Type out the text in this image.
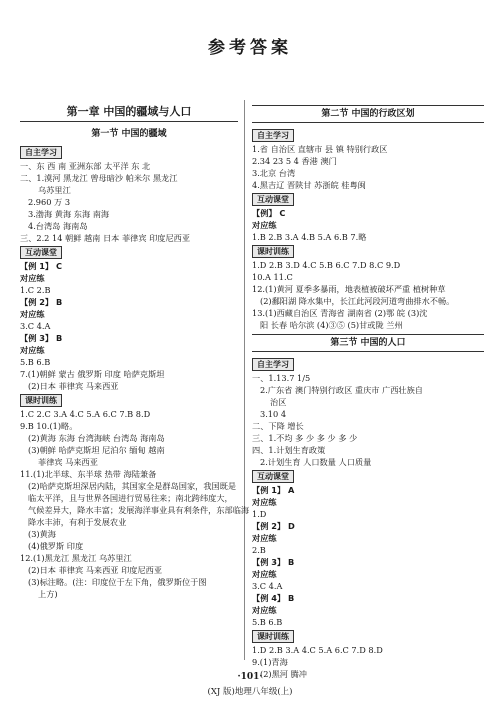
参考答案
第一章 中国的疆域与人口
第一节 中国的疆域
自主学习
一、东 西 南 亚洲东部 太平洋 东 北
二、1.漠河 黑龙江 曾母暗沙 帕米尔 黑龙江
乌苏里江
2.960 万 3
3.渤海 黄海 东海 南海
4.台湾岛 海南岛
三、2.2 14 朝鲜 越南 日本 菲律宾 印度尼西亚
互动课堂
【例 1】 C
对应练
1.C 2.B
【例 2】 B
对应练
3.C 4.A
【例 3】 B
对应练
5.B 6.B
7.(1)朝鲜 蒙古 俄罗斯 印度 哈萨克斯坦
(2)日本 菲律宾 马来西亚
课时训练
1.C 2.C 3.A 4.C 5.A 6.C 7.B 8.D
9.B 10.(1)略。
(2)黄海 东海 台湾海峡 台湾岛 海南岛
(3)朝鲜 哈萨克斯坦 尼泊尔 缅甸 越南
菲律宾 马来西亚
11.(1)北半球、东半球 热带 海陆兼备
(2)哈萨克斯坦深居内陆，其国家全是群岛国家，我国既是
临太平洋，且与世界各国进行贸易往来；南北跨纬度大，
气候差异大，降水丰富；发展海洋事业具有利条件，东部临海
降水丰沛，有利于发展农业
(3)黄海
(4)俄罗斯 印度
12.(1)黑龙江 黑龙江 乌苏里江
(2)日本 菲律宾 马来西亚 印度尼西亚
(3)标注略。(注：印度位于左下角，俄罗斯位于图
上方)
第二节 中国的行政区划
自主学习
1.省 自治区 直辖市 县 镇 特别行政区
2.34 23 5 4 香港 澳门
3.北京 台湾
4.黑吉辽 晋陕甘 苏浙皖 桂粤闽
互动课堂
【例】 C
对应练
1.B 2.B 3.A 4.B 5.A 6.B 7.略
课时训练
1.D 2.B 3.D 4.C 5.B 6.C 7.D 8.C 9.D
10.A 11.C
12.(1)黄河 夏季多暴雨，地表植被破坏严重 植树种草
(2)鄱阳湖 降水集中，长江此河段河道弯曲排水不畅。
13.(1)西藏自治区 青海省 湖南省 (2)鄂 皖 (3)沈
阳 长春 哈尔滨 (4)③⑤ (5)甘或陇 兰州
第三节 中国的人口
自主学习
一、1.13.7 1/5
2.广东省 澳门特别行政区 重庆市 广西壮族自
治区
3.10 4
二、下降 增长
三、1.不均 多 少 多 少 多 少
四、1.计划生育政策
2.计划生育 人口数量 人口质量
互动课堂
【例 1】 A
对应练
1.D
【例 2】 D
对应练
2.B
【例 3】 B
对应练
3.C 4.A
【例 4】 B
对应练
5.B 6.B
课时训练
1.D 2.B 3.A 4.C 5.A 6.C 7.D 8.D
9.(1)青海
(2)黑河 腾冲
·101·
(XJ 版)地理八年级(上)
